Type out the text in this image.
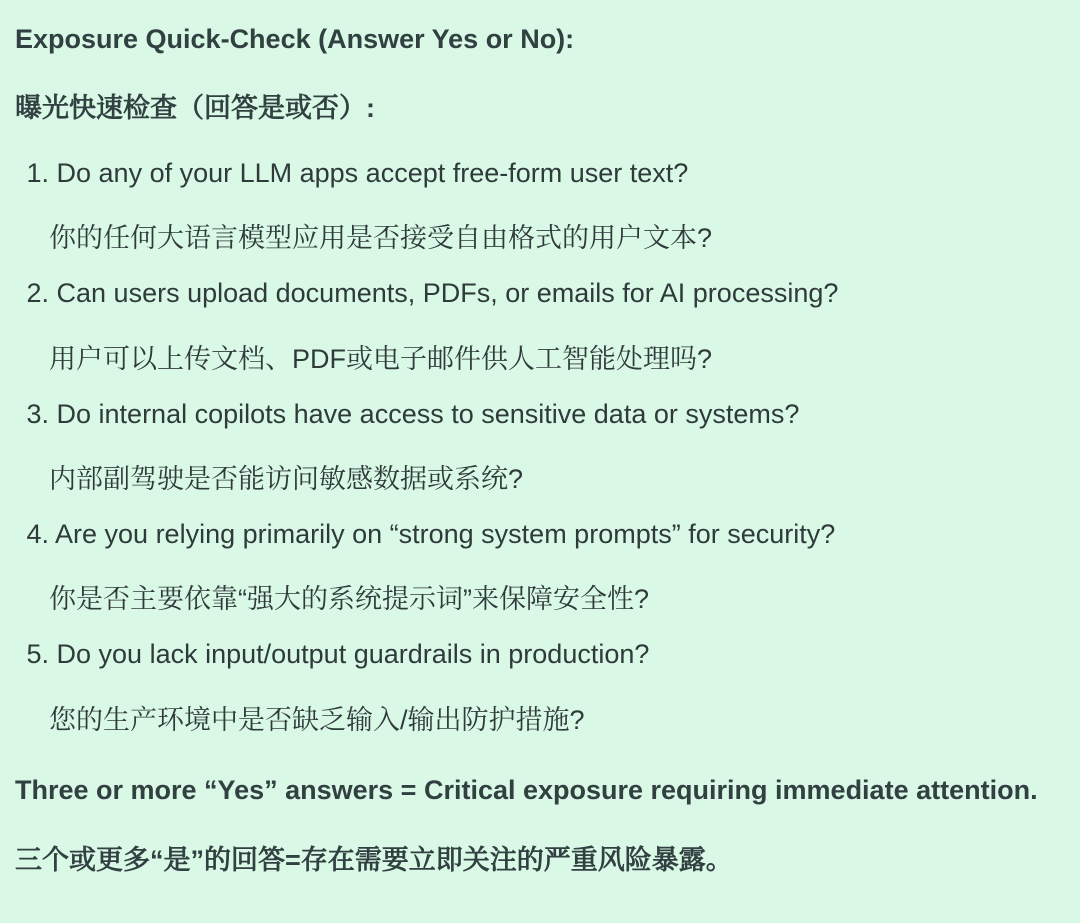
Exposure Quick-Check (Answer Yes or No):
曝光快速检查（回答是或否）:
1. Do any of your LLM apps accept free-form user text?
你的任何大语言模型应用是否接受自由格式的用户文本?
2. Can users upload documents, PDFs, or emails for AI processing?
用户可以上传文档、PDF或电子邮件供人工智能处理吗?
3. Do internal copilots have access to sensitive data or systems?
内部副驾驶是否能访问敏感数据或系统?
4. Are you relying primarily on “strong system prompts” for security?
你是否主要依靠“强大的系统提示词”来保障安全性?
5. Do you lack input/output guardrails in production?
您的生产环境中是否缺乏输入/输出防护措施?
Three or more “Yes” answers = Critical exposure requiring immediate attention.
三个或更多“是”的回答=存在需要立即关注的严重风险暴露。
